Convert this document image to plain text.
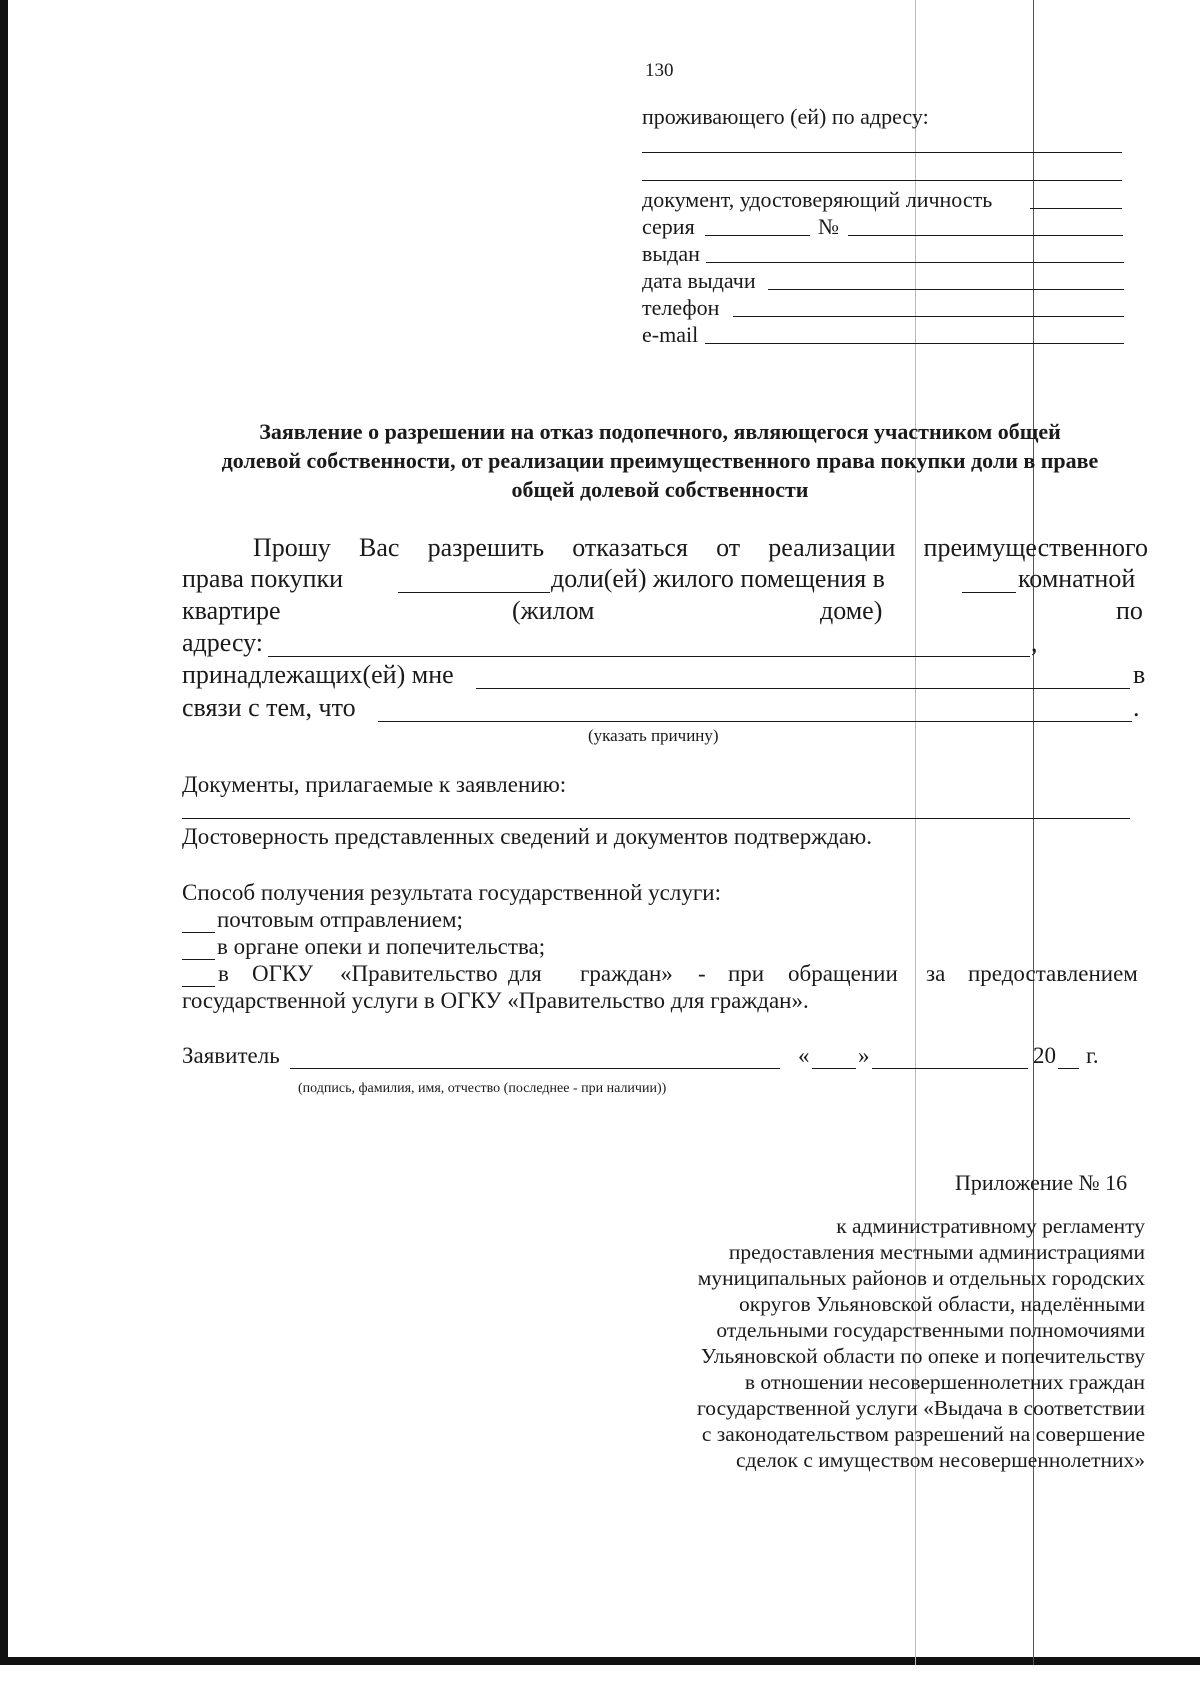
130
проживающего (ей) по адресу:
документ, удостоверяющий личность
серия	№
выдан
дата выдачи
телефон
e-mail
Заявление о разрешении на отказ подопечного, являющегося участником общей
долевой собственности, от реализации преимущественного права покупки доли в праве
общей долевой собственности
Прошу Вас разрешить отказаться от реализации преимущественного
права покупки	доли(ей) жилого помещения в	комнатной
квартире	(жилом	доме)	по
адресу:	,
принадлежащих(ей) мне	в
связи с тем, что	.
(указать причину)
Документы, прилагаемые к заявлению:
Достоверность представленных сведений и документов подтверждаю.
Способ получения результата государственной услуги:
почтовым отправлением;
в органе опеки и попечительства;
в ОГКУ «Правительство для граждан» - при обращении за предоставлением
государственной услуги в ОГКУ «Правительство для граждан».
Заявитель	« »	20 г.
(подпись, фамилия, имя, отчество (последнее - при наличии))
Приложение № 16
к административному регламенту
предоставления местными администрациями
муниципальных районов и отдельных городских
округов Ульяновской области, наделёнными
отдельными государственными полномочиями
Ульяновской области по опеке и попечительству
в отношении несовершеннолетних граждан
государственной услуги «Выдача в соответствии
с законодательством разрешений на совершение
сделок с имуществом несовершеннолетних»
